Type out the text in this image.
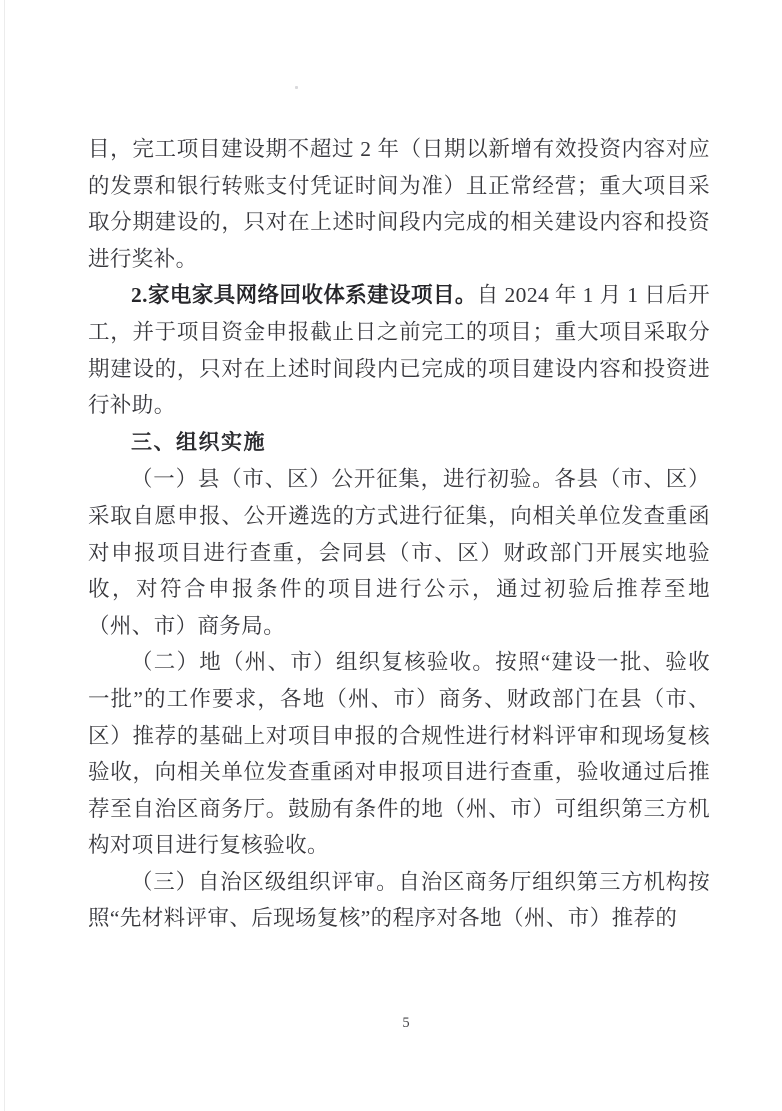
目，完工项目建设期不超过 2 年（日期以新增有效投资内容对应的发票和银行转账支付凭证时间为准）且正常经营；重大项目采取分期建设的，只对在上述时间段内完成的相关建设内容和投资进行奖补。

2.家电家具网络回收体系建设项目。自 2024 年 1 月 1 日后开工，并于项目资金申报截止日之前完工的项目；重大项目采取分期建设的，只对在上述时间段内已完成的项目建设内容和投资进行补助。

三、组织实施

（一）县（市、区）公开征集，进行初验。各县（市、区）采取自愿申报、公开遴选的方式进行征集，向相关单位发查重函对申报项目进行查重，会同县（市、区）财政部门开展实地验收，对符合申报条件的项目进行公示，通过初验后推荐至地（州、市）商务局。

（二）地（州、市）组织复核验收。按照“建设一批、验收一批”的工作要求，各地（州、市）商务、财政部门在县（市、区）推荐的基础上对项目申报的合规性进行材料评审和现场复核验收，向相关单位发查重函对申报项目进行查重，验收通过后推荐至自治区商务厅。鼓励有条件的地（州、市）可组织第三方机构对项目进行复核验收。

（三）自治区级组织评审。自治区商务厅组织第三方机构按照“先材料评审、后现场复核”的程序对各地（州、市）推荐的

5
